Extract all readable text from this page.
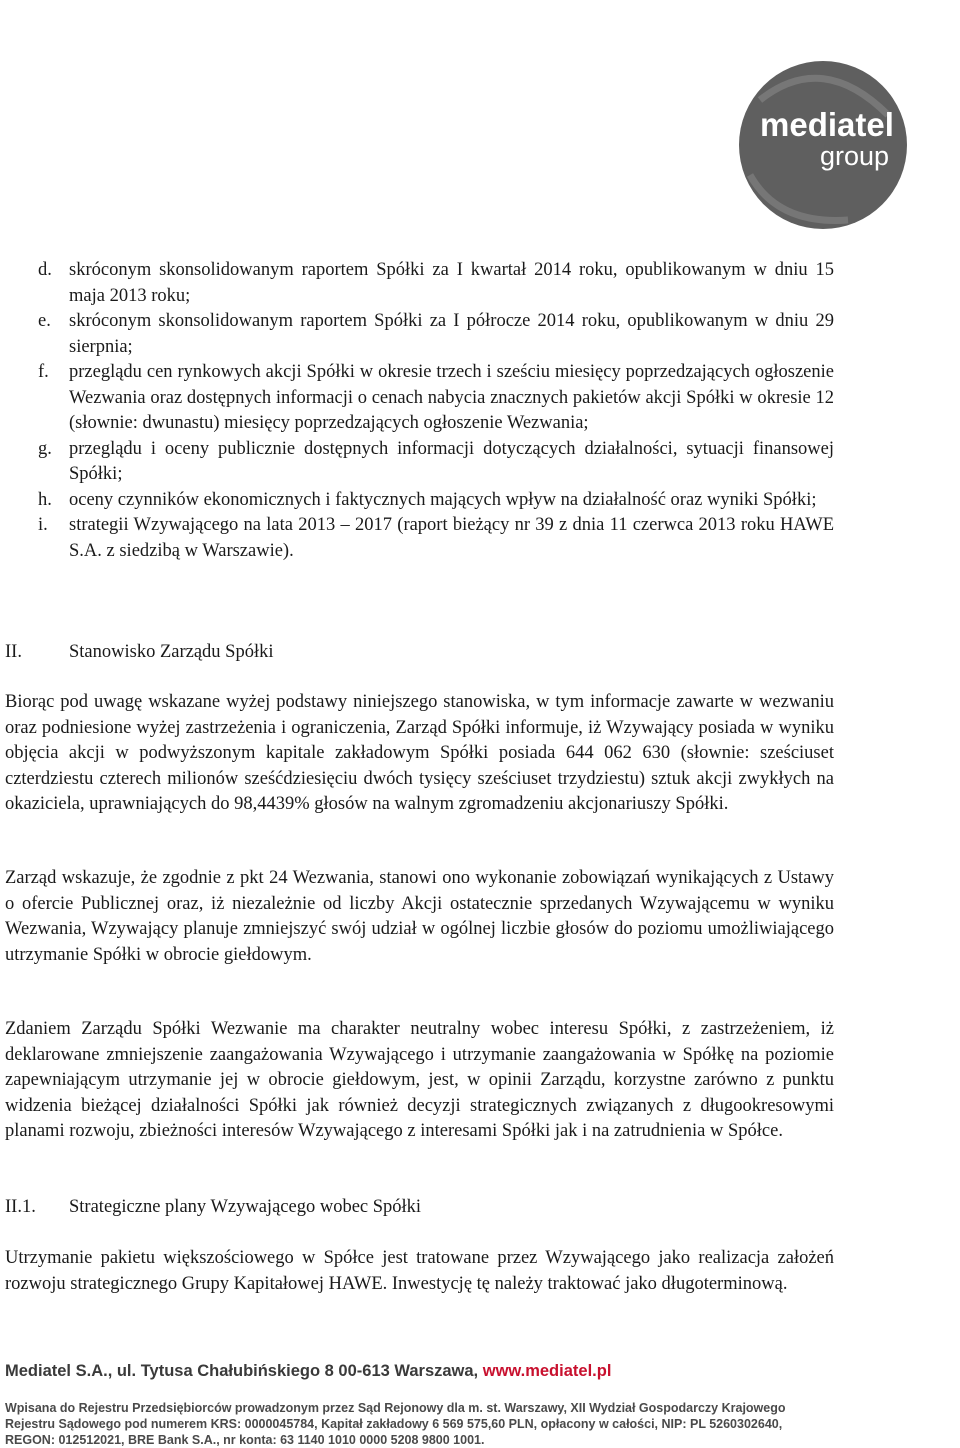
mediatel
group
d. skróconym skonsolidowanym raportem Spółki za I kwartał 2014 roku, opublikowanym w dniu 15 maja 2013 roku;
e. skróconym skonsolidowanym raportem Spółki za I półrocze 2014 roku, opublikowanym w dniu 29 sierpnia;
f. przeglądu cen rynkowych akcji Spółki w okresie trzech i sześciu miesięcy poprzedzających ogłoszenie Wezwania oraz dostępnych informacji o cenach nabycia znacznych pakietów akcji Spółki w okresie 12 (słownie: dwunastu) miesięcy poprzedzających ogłoszenie Wezwania;
g. przeglądu i oceny publicznie dostępnych informacji dotyczących działalności, sytuacji finansowej Spółki;
h. oceny czynników ekonomicznych i faktycznych mających wpływ na działalność oraz wyniki Spółki;
i. strategii Wzywającego na lata 2013 – 2017 (raport bieżący nr 39 z dnia 11 czerwca 2013 roku HAWE S.A. z siedzibą w Warszawie).
II.	Stanowisko Zarządu Spółki
Biorąc pod uwagę wskazane wyżej podstawy niniejszego stanowiska, w tym informacje zawarte w wezwaniu oraz podniesione wyżej zastrzeżenia i ograniczenia, Zarząd Spółki informuje, iż Wzywający posiada w wyniku objęcia akcji w podwyższonym kapitale zakładowym Spółki posiada 644 062 630 (słownie: sześciuset czterdziestu czterech milionów sześćdziesięciu dwóch tysięcy sześciuset trzydziestu) sztuk akcji zwykłych na okaziciela, uprawniających do 98,4439% głosów na walnym zgromadzeniu akcjonariuszy Spółki.
Zarząd wskazuje, że zgodnie z pkt 24 Wezwania, stanowi ono wykonanie zobowiązań wynikających z Ustawy o ofercie Publicznej oraz, iż niezależnie od liczby Akcji ostatecznie sprzedanych Wzywającemu w wyniku Wezwania, Wzywający planuje zmniejszyć swój udział w ogólnej liczbie głosów do poziomu umożliwiającego utrzymanie Spółki w obrocie giełdowym.
Zdaniem Zarządu Spółki Wezwanie ma charakter neutralny wobec interesu Spółki, z zastrzeżeniem, iż deklarowane zmniejszenie zaangażowania Wzywającego i utrzymanie zaangażowania w Spółkę na poziomie zapewniającym utrzymanie jej w obrocie giełdowym, jest, w opinii Zarządu, korzystne zarówno z punktu widzenia bieżącej działalności Spółki jak również decyzji strategicznych związanych z długookresowymi planami rozwoju, zbieżności interesów Wzywającego z interesami Spółki jak i na zatrudnienia w Spółce.
II.1. Strategiczne plany Wzywającego wobec Spółki
Utrzymanie pakietu większościowego w Spółce jest tratowane przez Wzywającego jako realizacja założeń rozwoju strategicznego Grupy Kapitałowej HAWE. Inwestycję tę należy traktować jako długoterminową.
Mediatel S.A., ul. Tytusa Chałubińskiego 8 00-613 Warszawa, www.mediatel.pl
Wpisana do Rejestru Przedsiębiorców prowadzonym przez Sąd Rejonowy dla m. st. Warszawy, XII Wydział Gospodarczy Krajowego
Rejestru Sądowego pod numerem KRS: 0000045784, Kapitał zakładowy 6 569 575,60 PLN, opłacony w całości, NIP: PL 5260302640,
REGON: 012512021, BRE Bank S.A., nr konta: 63 1140 1010 0000 5208 9800 1001.
